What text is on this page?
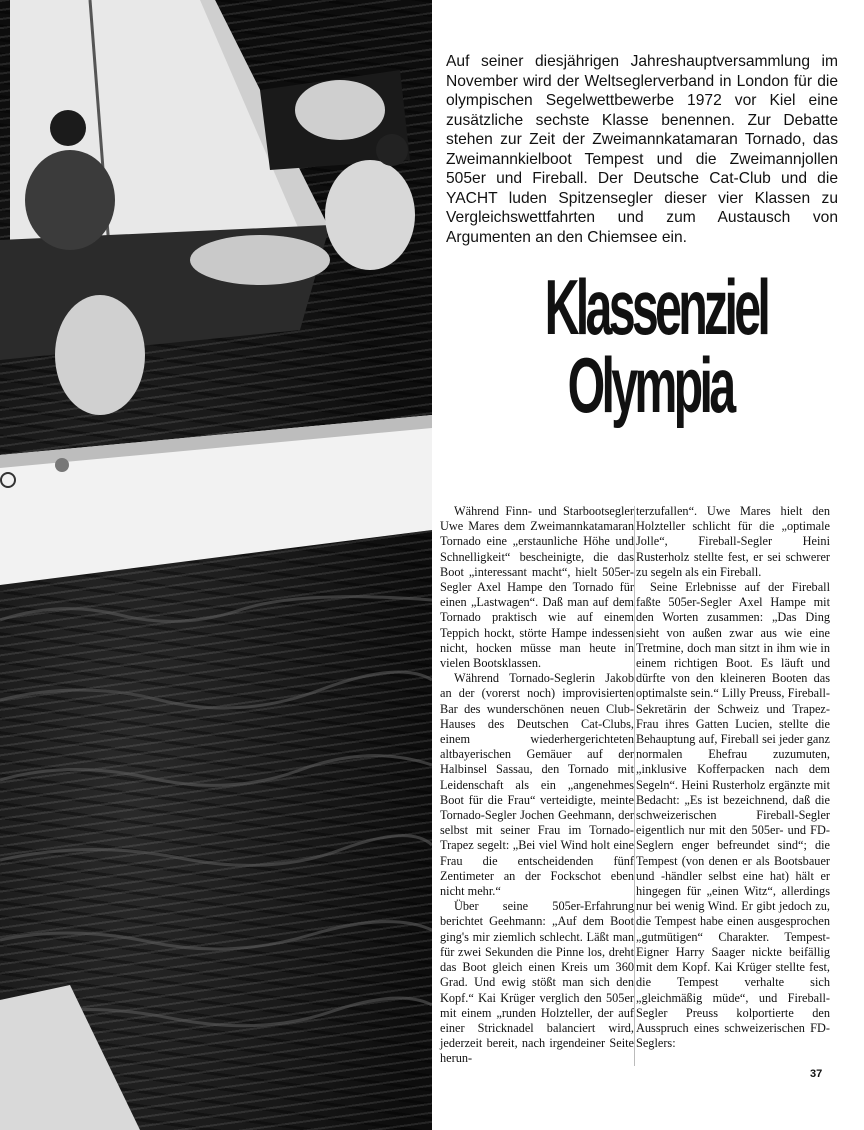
Auf seiner diesjährigen Jahreshauptversammlung im November wird der Weltseglerverband in London für die olympischen Segelwettbewerbe 1972 vor Kiel eine zusätzliche sechste Klasse benennen. Zur Debatte stehen zur Zeit der Zweimannkatamaran Tornado, das Zweimannkielboot Tempest und die Zweimannjollen 505er und Fireball. Der Deutsche Cat-Club und die YACHT luden Spitzensegler dieser vier Klassen zu Vergleichswettfahrten und zum Austausch von Argumenten an den Chiemsee ein.

Klassenziel
Olympia

Während Finn- und Starbootsegler Uwe Mares dem Zweimannkatamaran Tornado eine „erstaunliche Höhe und Schnelligkeit“ bescheinigte, die das Boot „interessant macht“, hielt 505er-Segler Axel Hampe den Tornado für einen „Lastwagen“. Daß man auf dem Tornado praktisch wie auf einem Teppich hockt, störte Hampe indessen nicht, hocken müsse man heute in vielen Bootsklassen.

Während Tornado-Seglerin Jakob an der (vorerst noch) improvisierten Bar des wunderschönen neuen Club-Hauses des Deutschen Cat-Clubs, einem wiederhergerichteten altbayerischen Gemäuer auf der Halbinsel Sassau, den Tornado mit Leidenschaft als ein „angenehmes Boot für die Frau“ verteidigte, meinte Tornado-Segler Jochen Geehmann, der selbst mit seiner Frau im Tornado-Trapez segelt: „Bei viel Wind holt eine Frau die entscheidenden fünf Zentimeter an der Fockschot eben nicht mehr.“

Über seine 505er-Erfahrung berichtet Geehmann: „Auf dem Boot ging's mir ziemlich schlecht. Läßt man für zwei Sekunden die Pinne los, dreht das Boot gleich einen Kreis um 360 Grad. Und ewig stößt man sich den Kopf.“ Kai Krüger verglich den 505er mit einem „runden Holzteller, der auf einer Stricknadel balanciert wird, jederzeit bereit, nach irgendeiner Seite herun-

terzufallen“. Uwe Mares hielt den Holzteller schlicht für die „optimale Jolle“, Fireball-Segler Heini Rusterholz stellte fest, er sei schwerer zu segeln als ein Fireball.

Seine Erlebnisse auf der Fireball faßte 505er-Segler Axel Hampe mit den Worten zusammen: „Das Ding sieht von außen zwar aus wie eine Tretmine, doch man sitzt in ihm wie in einem richtigen Boot. Es läuft und dürfte von den kleineren Booten das optimalste sein.“ Lilly Preuss, Fireball-Sekretärin der Schweiz und Trapez-Frau ihres Gatten Lucien, stellte die Behauptung auf, Fireball sei jeder ganz normalen Ehefrau zuzumuten, „inklusive Kofferpacken nach dem Segeln“. Heini Rusterholz ergänzte mit Bedacht: „Es ist bezeichnend, daß die schweizerischen Fireball-Segler eigentlich nur mit den 505er- und FD-Seglern enger befreundet sind“; die Tempest (von denen er als Bootsbauer und -händler selbst eine hat) hält er hingegen für „einen Witz“, allerdings nur bei wenig Wind. Er gibt jedoch zu, die Tempest habe einen ausgesprochen „gutmütigen“ Charakter. Tempest-Eigner Harry Saager nickte beifällig mit dem Kopf. Kai Krüger stellte fest, die Tempest verhalte sich „gleichmäßig müde“, und Fireball-Segler Preuss kolportierte den Ausspruch eines schweizerischen FD-Seglers:

37
